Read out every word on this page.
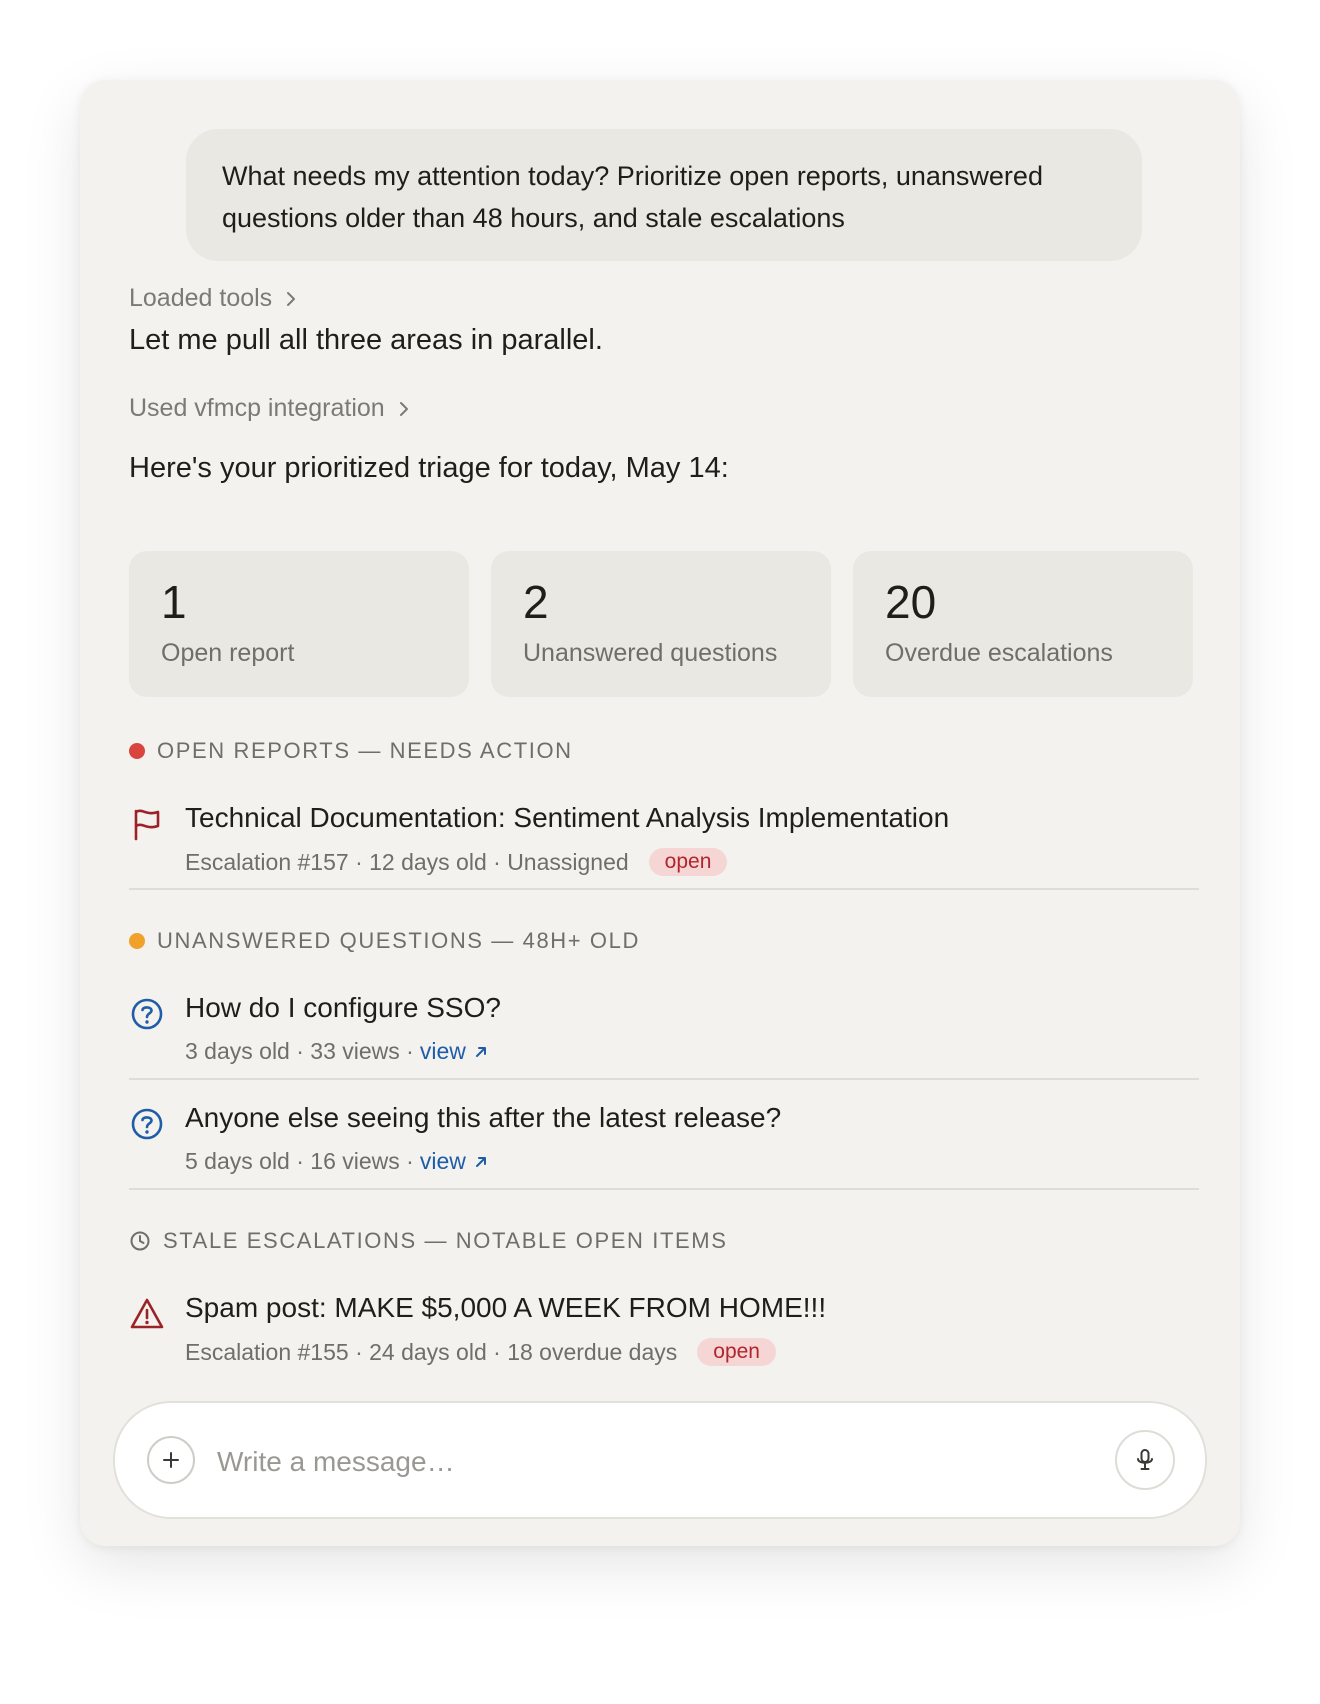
What needs my attention today? Prioritize open reports, unanswered questions older than 48 hours, and stale escalations
Loaded tools
Let me pull all three areas in parallel.
Used vfmcp integration
Here's your prioritized triage for today, May 14:
1
Open report
2
Unanswered questions
20
Overdue escalations
OPEN REPORTS — NEEDS ACTION
Technical Documentation: Sentiment Analysis Implementation
Escalation #157 · 12 days old · Unassigned	open
UNANSWERED QUESTIONS — 48H+ OLD
How do I configure SSO?
3 days old · 33 views · view
Anyone else seeing this after the latest release?
5 days old · 16 views · view
STALE ESCALATIONS — NOTABLE OPEN ITEMS
Spam post: MAKE $5,000 A WEEK FROM HOME!!!
Escalation #155 · 24 days old · 18 overdue days	open
Write a message…
